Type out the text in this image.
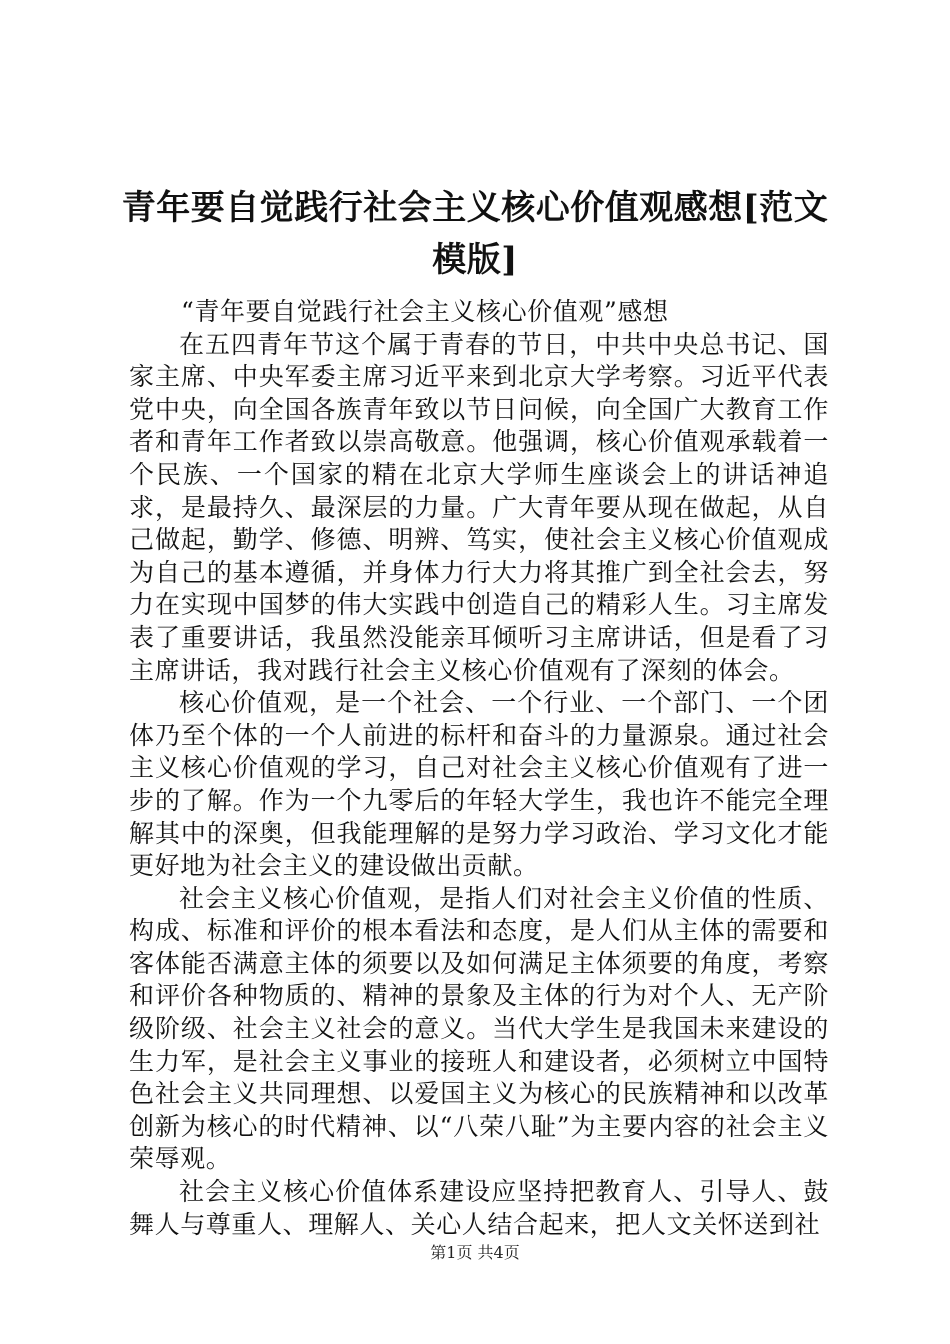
青年要自觉践行社会主义核心价值观感想[范文模版]

“青年要自觉践行社会主义核心价值观”感想

在五四青年节这个属于青春的节日，中共中央总书记、国家主席、中央军委主席习近平来到北京大学考察。习近平代表党中央，向全国各族青年致以节日问候，向全国广大教育工作者和青年工作者致以崇高敬意。他强调，核心价值观承载着一个民族、一个国家的精在北京大学师生座谈会上的讲话神追求，是最持久、最深层的力量。广大青年要从现在做起，从自己做起，勤学、修德、明辨、笃实，使社会主义核心价值观成为自己的基本遵循，并身体力行大力将其推广到全社会去，努力在实现中国梦的伟大实践中创造自己的精彩人生。习主席发表了重要讲话，我虽然没能亲耳倾听习主席讲话，但是看了习主席讲话，我对践行社会主义核心价值观有了深刻的体会。

核心价值观，是一个社会、一个行业、一个部门、一个团体乃至个体的一个人前进的标杆和奋斗的力量源泉。通过社会主义核心价值观的学习，自己对社会主义核心价值观有了进一步的了解。作为一个九零后的年轻大学生，我也许不能完全理解其中的深奥，但我能理解的是努力学习政治、学习文化才能更好地为社会主义的建设做出贡献。

社会主义核心价值观，是指人们对社会主义价值的性质、构成、标准和评价的根本看法和态度，是人们从主体的需要和客体能否满意主体的须要以及如何满足主体须要的角度，考察和评价各种物质的、精神的景象及主体的行为对个人、无产阶级阶级、社会主义社会的意义。当代大学生是我国未来建设的生力军，是社会主义事业的接班人和建设者，必须树立中国特色社会主义共同理想、以爱国主义为核心的民族精神和以改革创新为核心的时代精神、以“八荣八耻”为主要内容的社会主义荣辱观。

社会主义核心价值体系建设应坚持把教育人、引导人、鼓舞人与尊重人、理解人、关心人结合起来，把人文关怀送到社

第1页 共4页
